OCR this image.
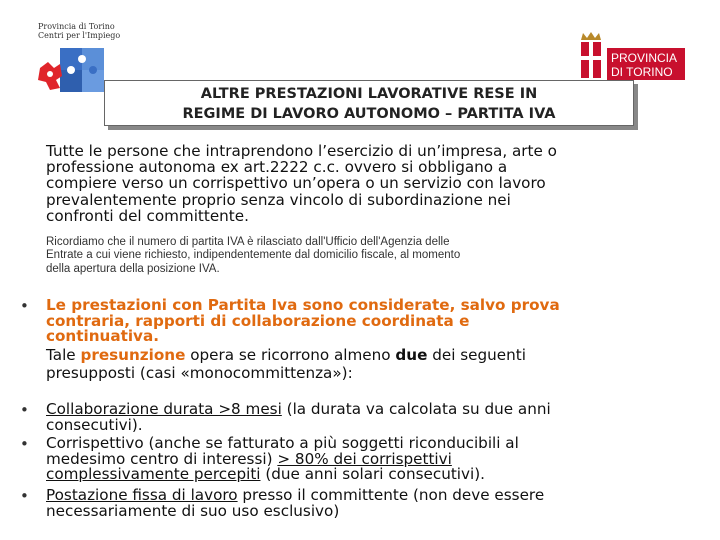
Provincia di Torino
Centri per l'Impiego
PROVINCIA
DI TORINO
ALTRE PRESTAZIONI LAVORATIVE RESE IN
REGIME DI LAVORO AUTONOMO – PARTITA IVA
Tutte le persone che intraprendono l’esercizio di un’impresa, arte o
professione autonoma ex art.2222 c.c. ovvero si obbligano a
compiere verso un corrispettivo un’opera o un servizio con lavoro
prevalentemente proprio senza vincolo di subordinazione nei
confronti del committente.
Ricordiamo che il numero di partita IVA è rilasciato dall'Ufficio dell'Agenzia delle
Entrate a cui viene richiesto, indipendentemente dal domicilio fiscale, al momento
della apertura della posizione IVA.
• Le prestazioni con Partita Iva sono considerate, salvo prova
contraria, rapporti di collaborazione coordinata e
continuativa.
Tale presunzione opera se ricorrono almeno due dei seguenti
presupposti (casi «monocommittenza»):
• Collaborazione durata >8 mesi (la durata va calcolata su due anni
consecutivi).
• Corrispettivo (anche se fatturato a più soggetti riconducibili al
medesimo centro di interessi) > 80% dei corrispettivi
complessivamente percepiti (due anni solari consecutivi).
• Postazione fissa di lavoro presso il committente (non deve essere
necessariamente di suo uso esclusivo)
